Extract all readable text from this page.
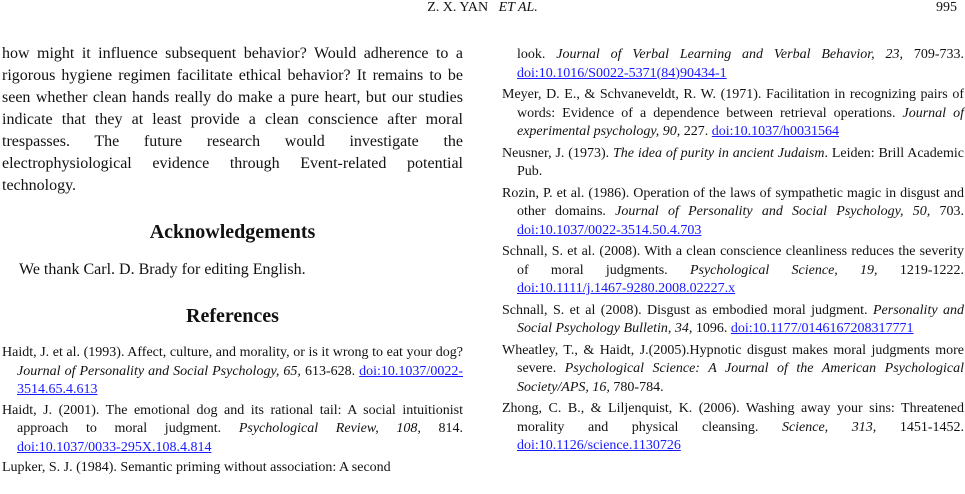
Z. X. YAN ET AL.	995

how might it influence subsequent behavior? Would adherence to a rigorous hygiene regimen facilitate ethical behavior? It remains to be seen whether clean hands really do make a pure heart, but our studies indicate that they at least provide a clean conscience after moral trespasses. The future research would investigate the electrophysiological evidence through Event-related potential technology.

Acknowledgements

We thank Carl. D. Brady for editing English.

References

Haidt, J. et al. (1993). Affect, culture, and morality, or is it wrong to eat your dog? Journal of Personality and Social Psychology, 65, 613-628. doi:10.1037/0022-3514.65.4.613

Haidt, J. (2001). The emotional dog and its rational tail: A social intuitionist approach to moral judgment. Psychological Review, 108, 814. doi:10.1037/0033-295X.108.4.814

Lupker, S. J. (1984). Semantic priming without association: A second

look. Journal of Verbal Learning and Verbal Behavior, 23, 709-733. doi:10.1016/S0022-5371(84)90434-1

Meyer, D. E., & Schvaneveldt, R. W. (1971). Facilitation in recognizing pairs of words: Evidence of a dependence between retrieval operations. Journal of experimental psychology, 90, 227. doi:10.1037/h0031564

Neusner, J. (1973). The idea of purity in ancient Judaism. Leiden: Brill Academic Pub.

Rozin, P. et al. (1986). Operation of the laws of sympathetic magic in disgust and other domains. Journal of Personality and Social Psychology, 50, 703. doi:10.1037/0022-3514.50.4.703

Schnall, S. et al. (2008). With a clean conscience cleanliness reduces the severity of moral judgments. Psychological Science, 19, 1219-1222. doi:10.1111/j.1467-9280.2008.02227.x

Schnall, S. et al (2008). Disgust as embodied moral judgment. Personality and Social Psychology Bulletin, 34, 1096. doi:10.1177/0146167208317771

Wheatley, T., & Haidt, J.(2005).Hypnotic disgust makes moral judgments more severe. Psychological Science: A Journal of the American Psychological Society/APS, 16, 780-784.

Zhong, C. B., & Liljenquist, K. (2006). Washing away your sins: Threatened morality and physical cleansing. Science, 313, 1451-1452. doi:10.1126/science.1130726
